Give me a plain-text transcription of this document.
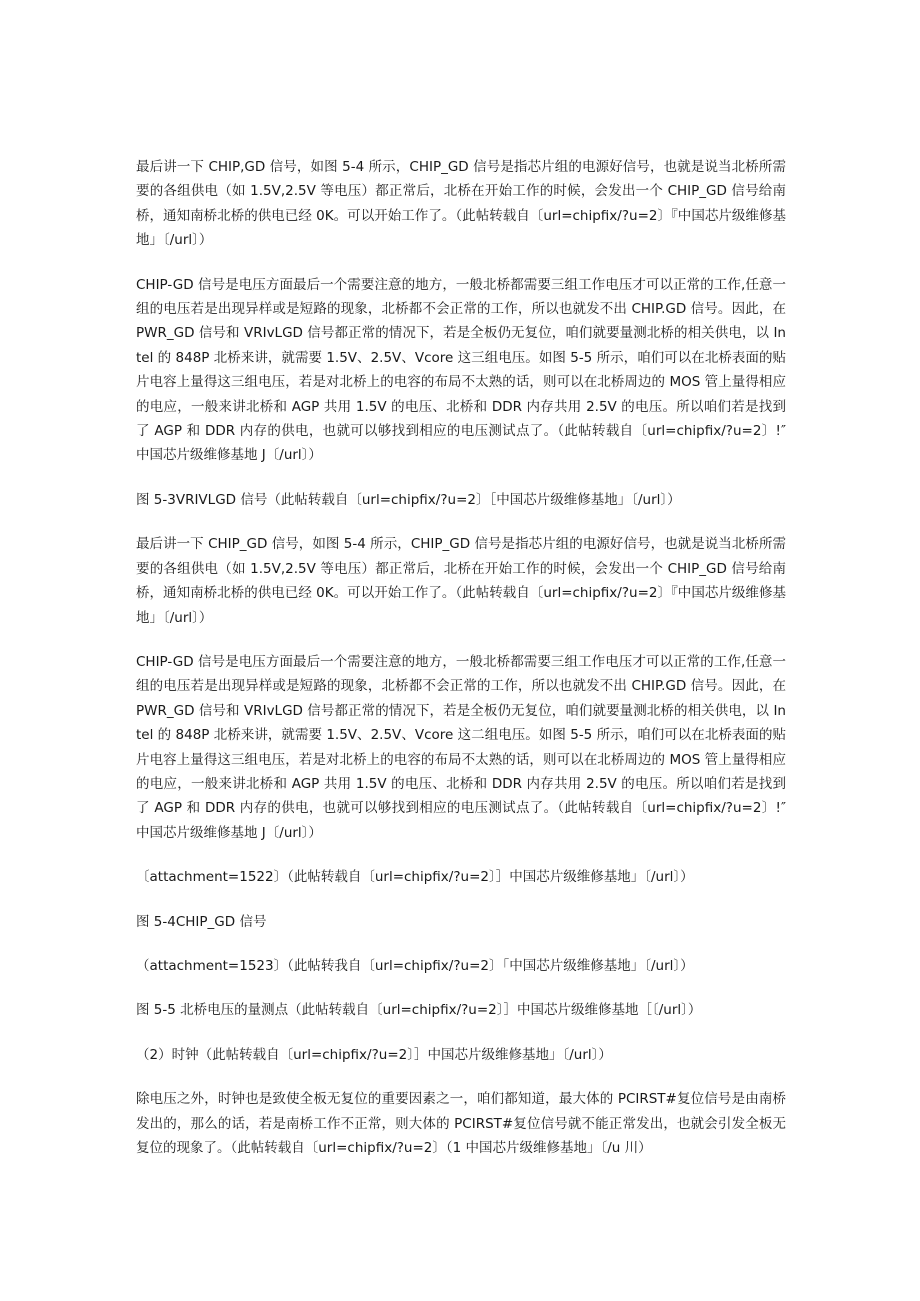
最后讲一下 CHIP,GD 信号，如图 5-4 所示，CHIP_GD 信号是指芯片组的电源好信号，也就是说当北桥所需要的各组供电（如 1.5V,2.5V 等电压）都正常后，北桥在开始工作的时候，会发出一个 CHIP_GD 信号给南桥，通知南桥北桥的供电已经 0K。可以开始工作了。（此帖转载自〔url=chipfix/?u=2〕『中国芯片级维修基地」〔/url〕）

CHIP-GD 信号是电压方面最后一个需要注意的地方，一般北桥都需要三组工作电压才可以正常的工作,任意一组的电压若是出现异样或是短路的现象，北桥都不会正常的工作，所以也就发不出 CHIP.GD 信号。因此，在 PWR_GD 信号和 VRIvLGD 信号都正常的情况下，若是全板仍无复位，咱们就要量测北桥的相关供电，以 Intel 的 848P 北桥来讲，就需要 1.5V、2.5V、Vcore 这三组电压。如图 5-5 所示，咱们可以在北桥表面的贴片电容上量得这三组电压，若是对北桥上的电容的布局不太熟的话，则可以在北桥周边的 MOS 管上量得相应的电应，一般来讲北桥和 AGP 共用 1.5V 的电压、北桥和 DDR 内存共用 2.5V 的电压。所以咱们若是找到了 AGP 和 DDR 内存的供电，也就可以够找到相应的电压测试点了。（此帖转载自〔url=chipfix/?u=2〕!″中国芯片级维修基地 J〔/url〕）

图 5-3VRIVLGD 信号（此帖转载自〔url=chipfix/?u=2〕［中国芯片级维修基地」〔/url〕）

最后讲一下 CHIP_GD 信号，如图 5-4 所示，CHIP_GD 信号是指芯片组的电源好信号，也就是说当北桥所需要的各组供电（如 1.5V,2.5V 等电压）都正常后，北桥在开始工作的时候，会发出一个 CHIP_GD 信号给南桥，通知南桥北桥的供电已经 0K。可以开始工作了。（此帖转载自〔url=chipfix/?u=2〕『中国芯片级维修基地」〔/url〕）

CHIP-GD 信号是电压方面最后一个需要注意的地方，一般北桥都需要三组工作电压才可以正常的工作,任意一组的电压若是出现异样或是短路的现象，北桥都不会正常的工作，所以也就发不出 CHIP.GD 信号。因此，在 PWR_GD 信号和 VRIvLGD 信号都正常的情况下，若是全板仍无复位，咱们就要量测北桥的相关供电，以 Intel 的 848P 北桥来讲，就需要 1.5V、2.5V、Vcore 这二组电压。如图 5-5 所示，咱们可以在北桥表面的贴片电容上量得这三组电压，若是对北桥上的电容的布局不太熟的话，则可以在北桥周边的 MOS 管上量得相应的电应，一般来讲北桥和 AGP 共用 1.5V 的电压、北桥和 DDR 内存共用 2.5V 的电压。所以咱们若是找到了 AGP 和 DDR 内存的供电，也就可以够找到相应的电压测试点了。（此帖转载自〔url=chipfix/?u=2〕!″中国芯片级维修基地 J〔/url〕）

〔attachment=1522〕（此帖转载自〔url=chipfix/?u=2〕］中国芯片级维修基地」〔/url〕）

图 5-4CHIP_GD 信号

（attachment=1523〕（此帖转我自〔url=chipfix/?u=2〕「中国芯片级维修基地」〔/url〕）

图 5-5 北桥电压的量测点（此帖转载自〔url=chipfix/?u=2〕］中国芯片级维修基地［〔/url〕）

（2）时钟（此帖转载自〔url=chipfix/?u=2〕］中国芯片级维修基地」〔/url〕）

除电压之外，时钟也是致使全板无复位的重要因素之一，咱们都知道，最大体的 PCIRST#复位信号是由南桥发出的，那么的话，若是南桥工作不正常，则大体的 PCIRST#复位信号就不能正常发出，也就会引发全板无复位的现象了。（此帖转载自〔url=chipfix/?u=2〕（1 中国芯片级维修基地」〔/u 川）
